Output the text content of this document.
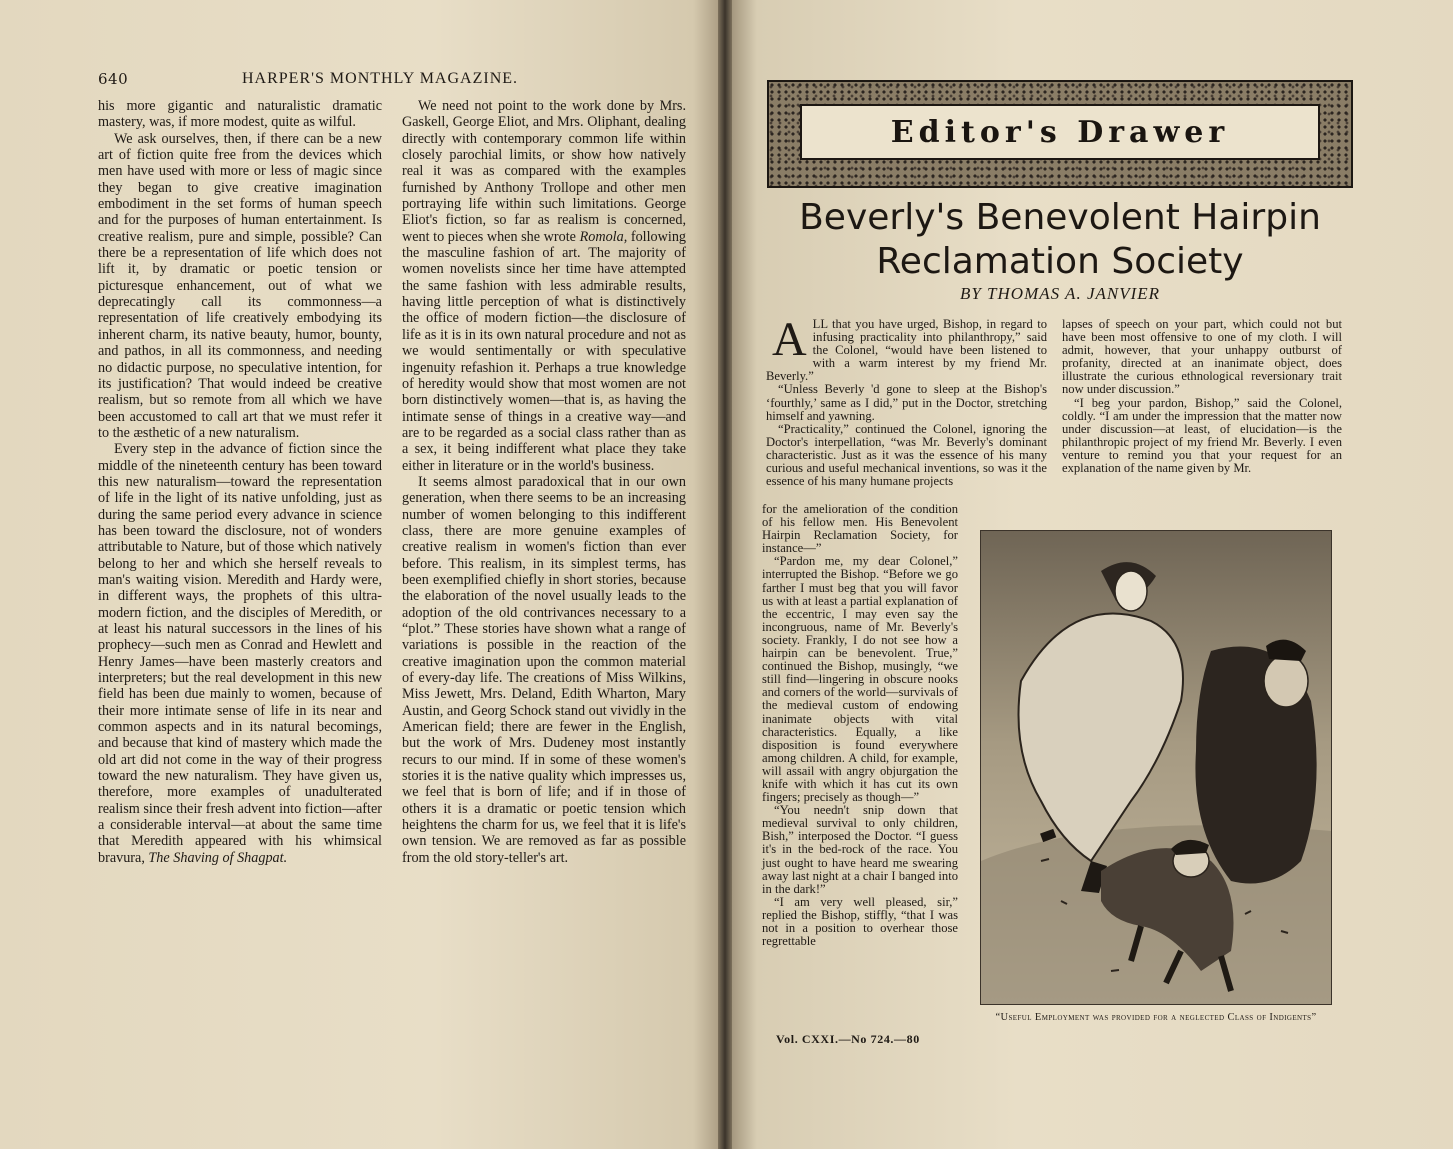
640	HARPER'S MONTHLY MAGAZINE.

his more gigantic and naturalistic dramatic mastery, was, if more modest, quite as wilful.

We ask ourselves, then, if there can be a new art of fiction quite free from the devices which men have used with more or less of magic since they began to give creative imagination embodiment in the set forms of human speech and for the purposes of human entertainment. Is creative realism, pure and simple, possible? Can there be a representation of life which does not lift it, by dramatic or poetic tension or picturesque enhancement, out of what we deprecatingly call its commonness—a representation of life creatively embodying its inherent charm, its native beauty, humor, bounty, and pathos, in all its commonness, and needing no didactic purpose, no speculative intention, for its justification? That would indeed be creative realism, but so remote from all which we have been accustomed to call art that we must refer it to the æsthetic of a new naturalism.

Every step in the advance of fiction since the middle of the nineteenth century has been toward this new naturalism—toward the representation of life in the light of its native unfolding, just as during the same period every advance in science has been toward the disclosure, not of wonders attributable to Nature, but of those which natively belong to her and which she herself reveals to man's waiting vision. Meredith and Hardy were, in different ways, the prophets of this ultra-modern fiction, and the disciples of Meredith, or at least his natural successors in the lines of his prophecy—such men as Conrad and Hewlett and Henry James—have been masterly creators and interpreters; but the real development in this new field has been due mainly to women, because of their more intimate sense of life in its near and common aspects and in its natural becomings, and because that kind of mastery which made the old art did not come in the way of their progress toward the new naturalism. They have given us, therefore, more examples of unadulterated realism since their fresh advent into fiction—after a considerable interval—at about the same time that Meredith appeared with his whimsical bravura, The Shaving of Shagpat.

We need not point to the work done by Mrs. Gaskell, George Eliot, and Mrs. Oliphant, dealing directly with contemporary common life within closely parochial limits, or show how natively real it was as compared with the examples furnished by Anthony Trollope and other men portraying life within such limitations. George Eliot's fiction, so far as realism is concerned, went to pieces when she wrote Romola, following the masculine fashion of art. The majority of women novelists since her time have attempted the same fashion with less admirable results, having little perception of what is distinctively the office of modern fiction—the disclosure of life as it is in its own natural procedure and not as we would sentimentally or with speculative ingenuity refashion it. Perhaps a true knowledge of heredity would show that most women are not born distinctively women—that is, as having the intimate sense of things in a creative way—and are to be regarded as a social class rather than as a sex, it being indifferent what place they take either in literature or in the world's business.

It seems almost paradoxical that in our own generation, when there seems to be an increasing number of women belonging to this indifferent class, there are more genuine examples of creative realism in women's fiction than ever before. This realism, in its simplest terms, has been exemplified chiefly in short stories, because the elaboration of the novel usually leads to the adoption of the old contrivances necessary to a “plot.” These stories have shown what a range of variations is possible in the reaction of the creative imagination upon the common material of every-day life. The creations of Miss Wilkins, Miss Jewett, Mrs. Deland, Edith Wharton, Mary Austin, and Georg Schock stand out vividly in the American field; there are fewer in the English, but the work of Mrs. Dudeney most instantly recurs to our mind. If in some of these women's stories it is the native quality which impresses us, we feel that is born of life; and if in those of others it is a dramatic or poetic tension which heightens the charm for us, we feel that it is life's own tension. We are removed as far as possible from the old story-teller's art.

Editor's Drawer
Beverly's Benevolent Hairpin
Reclamation Society
BY THOMAS A. JANVIER

ALL that you have urged, Bishop, in regard to infusing practicality into philanthropy,” said the Colonel, “would have been listened to with a warm interest by my friend Mr. Beverly.”

“Unless Beverly 'd gone to sleep at the Bishop's ‘fourthly,’ same as I did,” put in the Doctor, stretching himself and yawning.

“Practicality,” continued the Colonel, ignoring the Doctor's interpellation, “was Mr. Beverly's dominant characteristic. Just as it was the essence of his many curious and useful mechanical inventions, so was it the essence of his many humane projects

for the amelioration of the condition of his fellow men. His Benevolent Hairpin Reclamation Society, for instance—”

“Pardon me, my dear Colonel,” interrupted the Bishop. “Before we go farther I must beg that you will favor us with at least a partial explanation of the eccentric, I may even say the incongruous, name of Mr. Beverly's society. Frankly, I do not see how a hairpin can be benevolent. True,” continued the Bishop, musingly, “we still find—lingering in obscure nooks and corners of the world—survivals of the medieval custom of endowing inanimate objects with vital characteristics. Equally, a like disposition is found everywhere among children. A child, for example, will assail with angry objurgation the knife with which it has cut its own fingers; precisely as though—”

“You needn't snip down that medieval survival to only children, Bish,” interposed the Doctor. “I guess it's in the bed-rock of the race. You just ought to have heard me swearing away last night at a chair I banged into in the dark!”

“I am very well pleased, sir,” replied the Bishop, stiffly, “that I was not in a position to overhear those regrettable

lapses of speech on your part, which could not but have been most offensive to one of my cloth. I will admit, however, that your unhappy outburst of profanity, directed at an inanimate object, does illustrate the curious ethnological reversionary trait now under discussion.”

“I beg your pardon, Bishop,” said the Colonel, coldly. “I am under the impression that the matter now under discussion—at least, of elucidation—is the philanthropic project of my friend Mr. Beverly. I even venture to remind you that your request for an explanation of the name given by Mr.

“Useful Employment was provided for a neglected Class of Indigents”
Vol. CXXI.—No 724.—80
